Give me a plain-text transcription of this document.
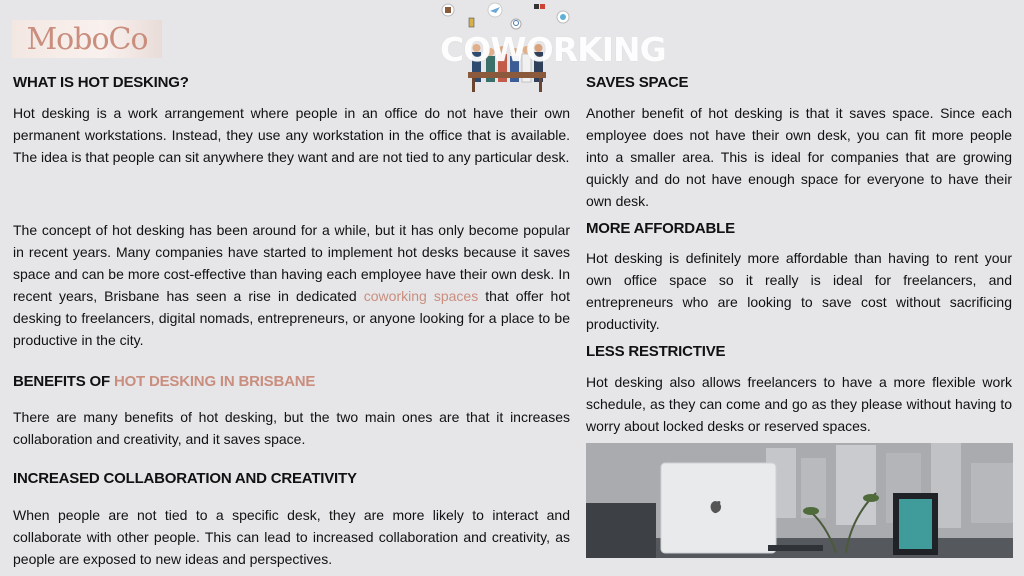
MoboCo	COWORKING
WHAT IS HOT DESKING?

Hot desking is a work arrangement where people in an office do not have their own permanent workstations. Instead, they use any workstation in the office that is available. The idea is that people can sit anywhere they want and are not tied to any particular desk.

The concept of hot desking has been around for a while, but it has only become popular in recent years. Many companies have started to implement hot desks because it saves space and can be more cost-effective than having each employee have their own desk. In recent years, Brisbane has seen a rise in dedicated coworking spaces that offer hot desking to freelancers, digital nomads, entrepreneurs, or anyone looking for a place to be productive in the city.

BENEFITS OF HOT DESKING IN BRISBANE

There are many benefits of hot desking, but the two main ones are that it increases collaboration and creativity, and it saves space.

INCREASED COLLABORATION AND CREATIVITY

When people are not tied to a specific desk, they are more likely to interact and collaborate with other people. This can lead to increased collaboration and creativity, as people are exposed to new ideas and perspectives.

SAVES SPACE

Another benefit of hot desking is that it saves space. Since each employee does not have their own desk, you can fit more people into a smaller area. This is ideal for companies that are growing quickly and do not have enough space for everyone to have their own desk.

MORE AFFORDABLE

Hot desking is definitely more affordable than having to rent your own office space so it really is ideal for freelancers, and entrepreneurs who are looking to save cost without sacrificing productivity.

LESS RESTRICTIVE

Hot desking also allows freelancers to have a more flexible work schedule, as they can come and go as they please without having to worry about locked desks or reserved spaces.
